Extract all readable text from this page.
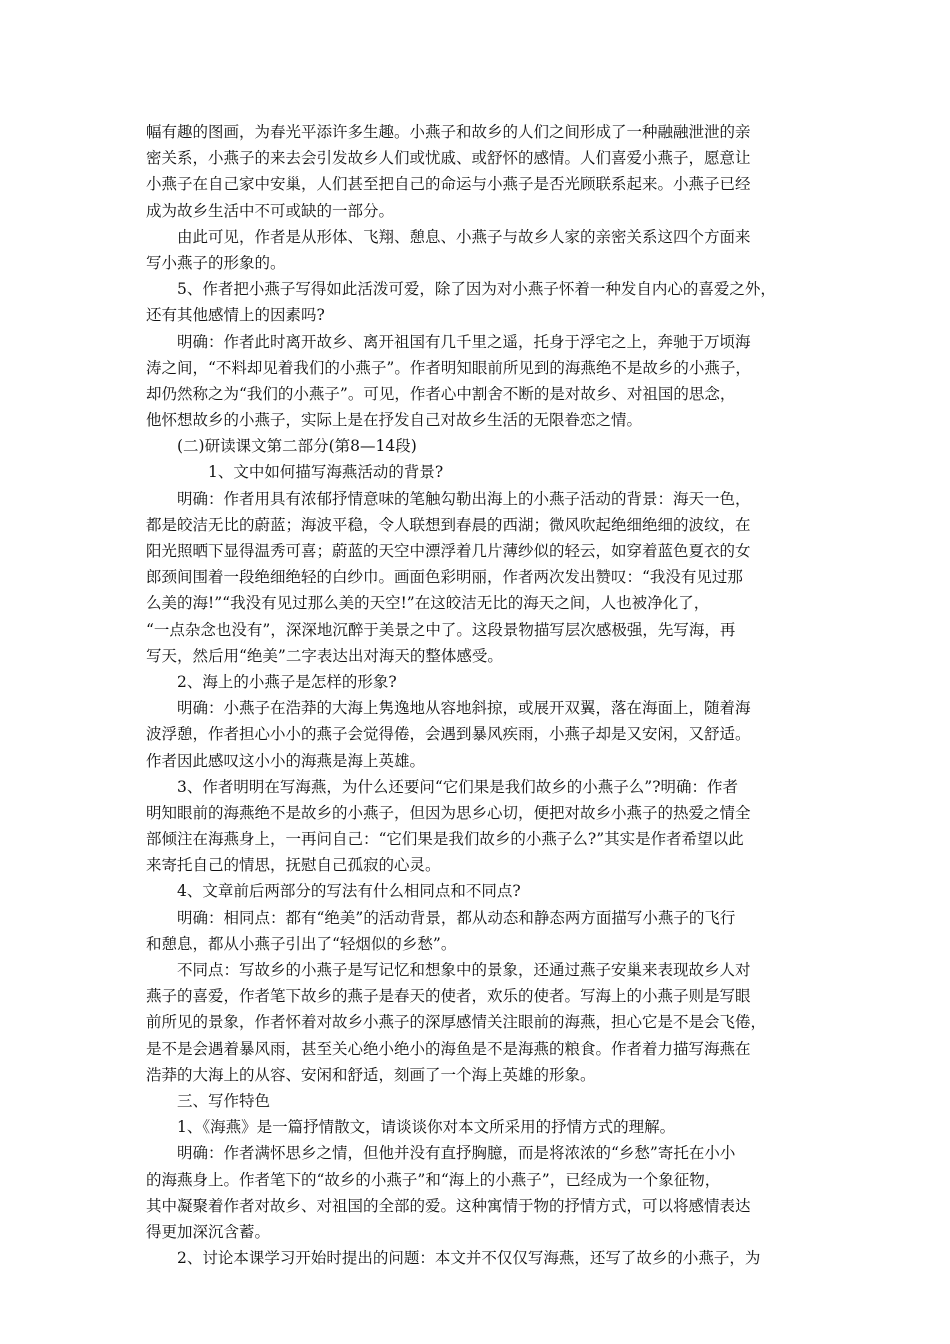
幅有趣的图画，为春光平添许多生趣。小燕子和故乡的人们之间形成了一种融融泄泄的亲
密关系，小燕子的来去会引发故乡人们或忧戚、或舒怀的感情。人们喜爱小燕子，愿意让
小燕子在自己家中安巢，人们甚至把自己的命运与小燕子是否光顾联系起来。小燕子已经
成为故乡生活中不可或缺的一部分。
由此可见，作者是从形体、飞翔、憩息、小燕子与故乡人家的亲密关系这四个方面来
写小燕子的形象的。
5、作者把小燕子写得如此活泼可爱，除了因为对小燕子怀着一种发自内心的喜爱之外，
还有其他感情上的因素吗?
明确：作者此时离开故乡、离开祖国有几千里之遥，托身于浮宅之上，奔驰于万顷海
涛之间，“不料却见着我们的小燕子”。作者明知眼前所见到的海燕绝不是故乡的小燕子，
却仍然称之为“我们的小燕子”。可见，作者心中割舍不断的是对故乡、对祖国的思念，
他怀想故乡的小燕子，实际上是在抒发自己对故乡生活的无限眷恋之情。
(二)研读课文第二部分(第8—14段)
1、文中如何描写海燕活动的背景?
明确：作者用具有浓郁抒情意味的笔触勾勒出海上的小燕子活动的背景：海天一色，
都是皎洁无比的蔚蓝；海波平稳，令人联想到春晨的西湖；微风吹起绝细绝细的波纹，在
阳光照晒下显得温秀可喜；蔚蓝的天空中漂浮着几片薄纱似的轻云，如穿着蓝色夏衣的女
郎颈间围着一段绝细绝轻的白纱巾。画面色彩明丽，作者两次发出赞叹：“我没有见过那
么美的海!”“我没有见过那么美的天空!”在这皎洁无比的海天之间，人也被净化了，
“一点杂念也没有”，深深地沉醉于美景之中了。这段景物描写层次感极强，先写海，再
写天，然后用“绝美”二字表达出对海天的整体感受。
2、海上的小燕子是怎样的形象?
明确：小燕子在浩莽的大海上隽逸地从容地斜掠，或展开双翼，落在海面上，随着海
波浮憩，作者担心小小的燕子会觉得倦，会遇到暴风疾雨，小燕子却是又安闲，又舒适。
作者因此感叹这小小的海燕是海上英雄。
3、作者明明在写海燕，为什么还要问“它们果是我们故乡的小燕子么”?明确：作者
明知眼前的海燕绝不是故乡的小燕子，但因为思乡心切，便把对故乡小燕子的热爱之情全
部倾注在海燕身上，一再问自己：“它们果是我们故乡的小燕子么?”其实是作者希望以此
来寄托自己的情思，抚慰自己孤寂的心灵。
4、文章前后两部分的写法有什么相同点和不同点?
明确：相同点：都有“绝美”的活动背景，都从动态和静态两方面描写小燕子的飞行
和憩息，都从小燕子引出了“轻烟似的乡愁”。
不同点：写故乡的小燕子是写记忆和想象中的景象，还通过燕子安巢来表现故乡人对
燕子的喜爱，作者笔下故乡的燕子是春天的使者，欢乐的使者。写海上的小燕子则是写眼
前所见的景象，作者怀着对故乡小燕子的深厚感情关注眼前的海燕，担心它是不是会飞倦，
是不是会遇着暴风雨，甚至关心绝小绝小的海鱼是不是海燕的粮食。作者着力描写海燕在
浩莽的大海上的从容、安闲和舒适，刻画了一个海上英雄的形象。
三、写作特色
1、《海燕》是一篇抒情散文，请谈谈你对本文所采用的抒情方式的理解。
明确：作者满怀思乡之情，但他并没有直抒胸臆，而是将浓浓的“乡愁”寄托在小小
的海燕身上。作者笔下的“故乡的小燕子”和“海上的小燕子”，已经成为一个象征物，
其中凝聚着作者对故乡、对祖国的全部的爱。这种寓情于物的抒情方式，可以将感情表达
得更加深沉含蓄。
2、讨论本课学习开始时提出的问题：本文并不仅仅写海燕，还写了故乡的小燕子，为
